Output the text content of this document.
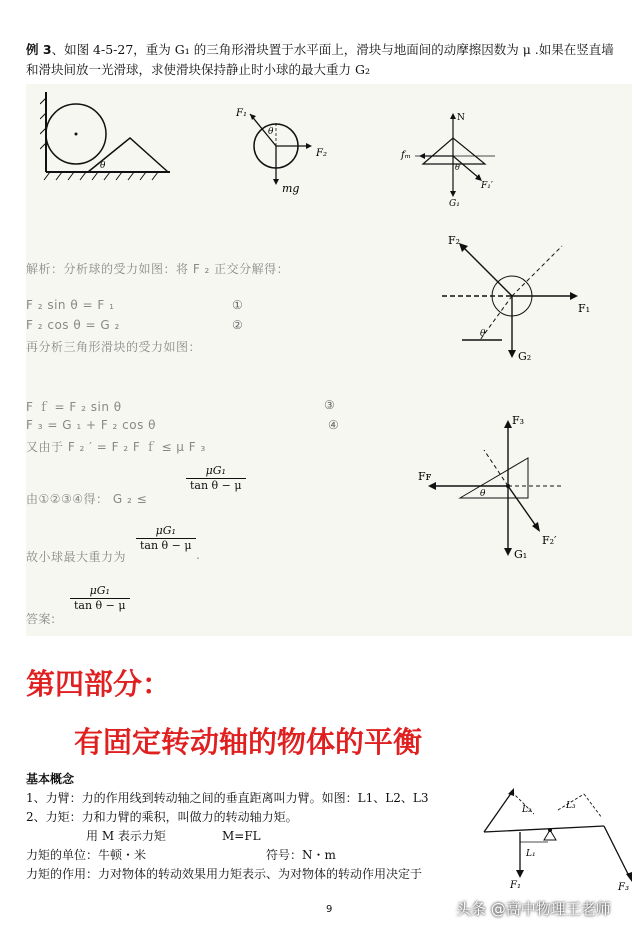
例 3、如图 4-5-27，重为 G₁ 的三角形滑块置于水平面上，滑块与地面间的动摩擦因数为 μ .如果在竖直墙和滑块间放一光滑球，求使滑块保持静止时小球的最大重力 G₂
θ
F₁
θ
F₂
mg
N
fₘ
θ
F₁′
G₁
解析：分析球的受力如图：将 F ₂ 正交分解得：
F ₂ sin θ = F ₁	①
F ₂ cos θ = G ₂	②
再分析三角形滑块的受力如图：
F ｆ = F ₂ sin θ	③
F ₃ = G ₁ + F ₂ cos θ	④
又由于 F ₂ ′ = F ₂ F ｆ ≤ μ F ₃
由①②③④得： G ₂ ≤
$\frac{\text{μG₁}}{\text{tan θ − μ}}$
故小球最大重力为
$\frac{\text{μG₁}}{\text{tan θ − μ}}$
.
答案:
$\frac{\text{μG₁}}{\text{tan θ − μ}}$
F₂
F₁
θ
G₂
F₃
Fꜰ
θ
F₂′
G₁
第四部分：
有固定转动轴的物体的平衡
基本概念
1、力臂：力的作用线到转动轴之间的垂直距离叫力臂。如图：L1、L2、L3
2、力矩：力和力臂的乘积，叫做力的转动轴力矩。
用 M 表示力矩	M=FL
力矩的单位：牛顿・米	符号：N・m
力矩的作用：力对物体的转动效果用力矩表示、为对物体的转动作用决定于
L₂	L₃
L₁
F₁	F₃
9	头条 @高中物理王老师
